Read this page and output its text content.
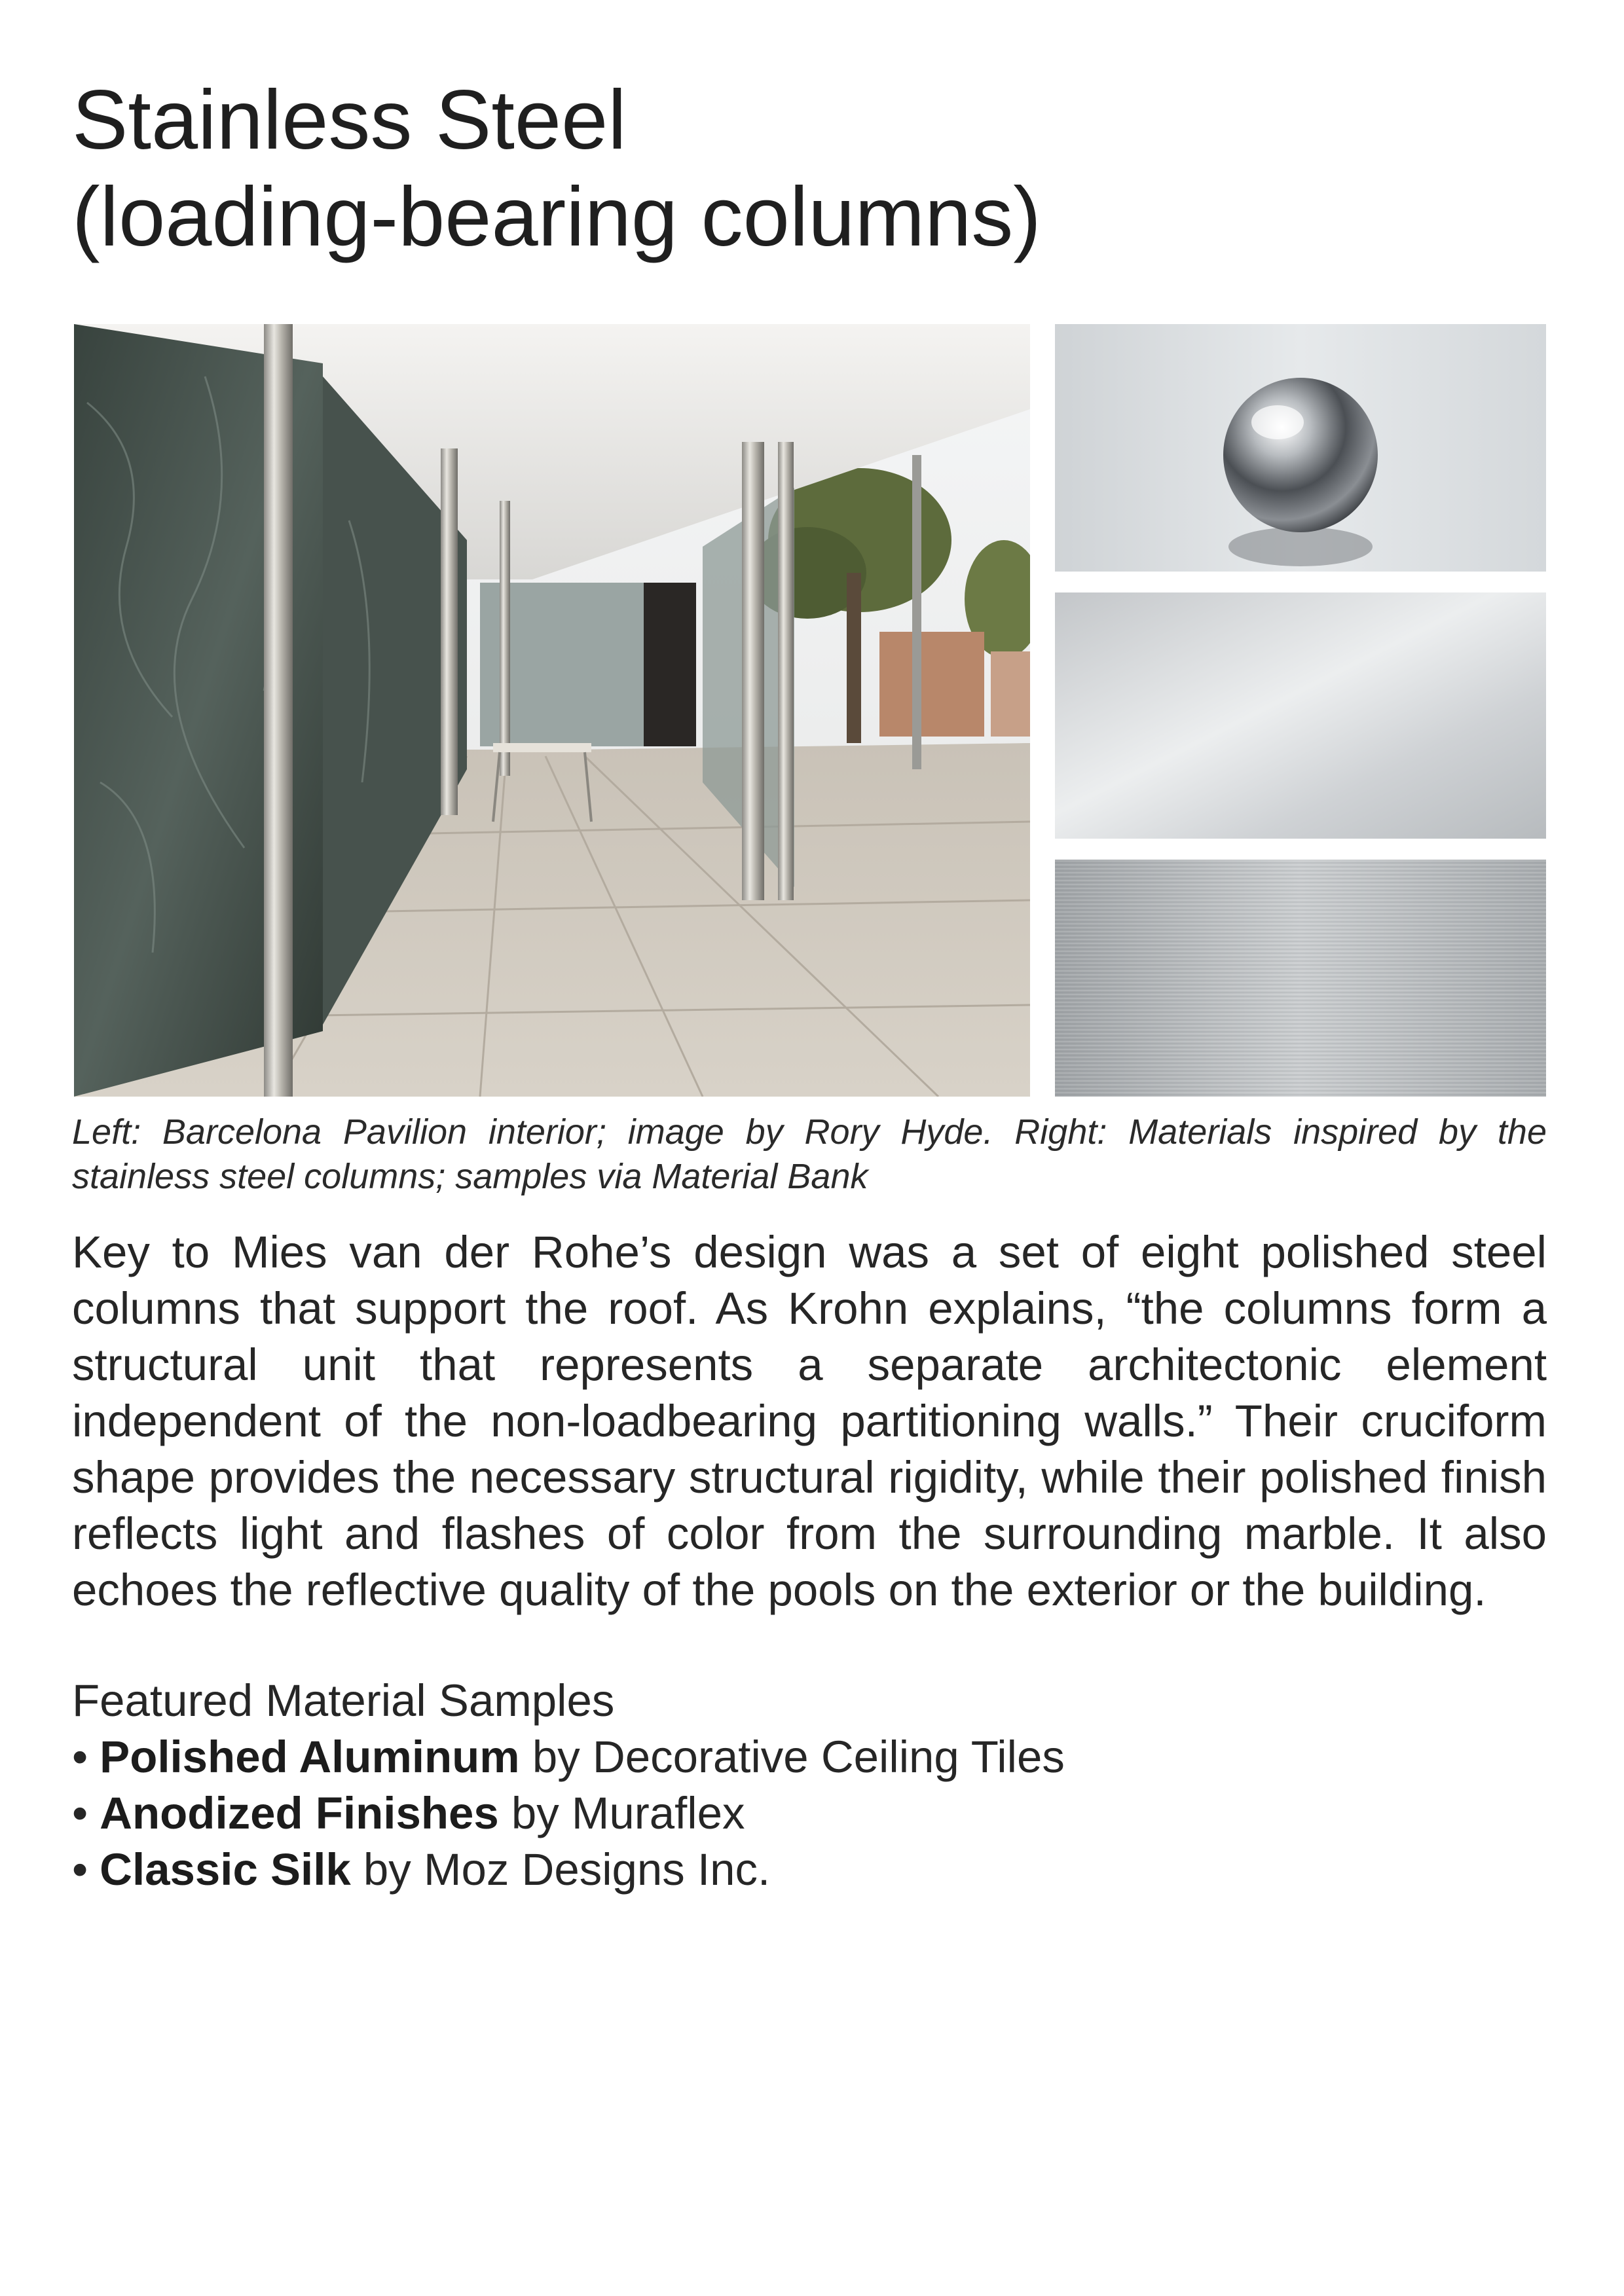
Stainless Steel
(loading-bearing columns)

Left: Barcelona Pavilion interior; image by Rory Hyde. Right: Materials inspired by the stainless steel columns; samples via Material Bank

Key to Mies van der Rohe’s design was a set of eight polished steel columns that support the roof. As Krohn explains, “the columns form a structural unit that represents a separate architectonic element independent of the non-loadbearing partitioning walls.” Their cruciform shape provides the necessary structural rigidity, while their polished finish reflects light and flashes of color from the surrounding marble. It also echoes the reflective quality of the pools on the exterior or the building.

Featured Material Samples

• Polished Aluminum by Decorative Ceiling Tiles
• Anodized Finishes by Muraflex
• Classic Silk by Moz Designs Inc.
